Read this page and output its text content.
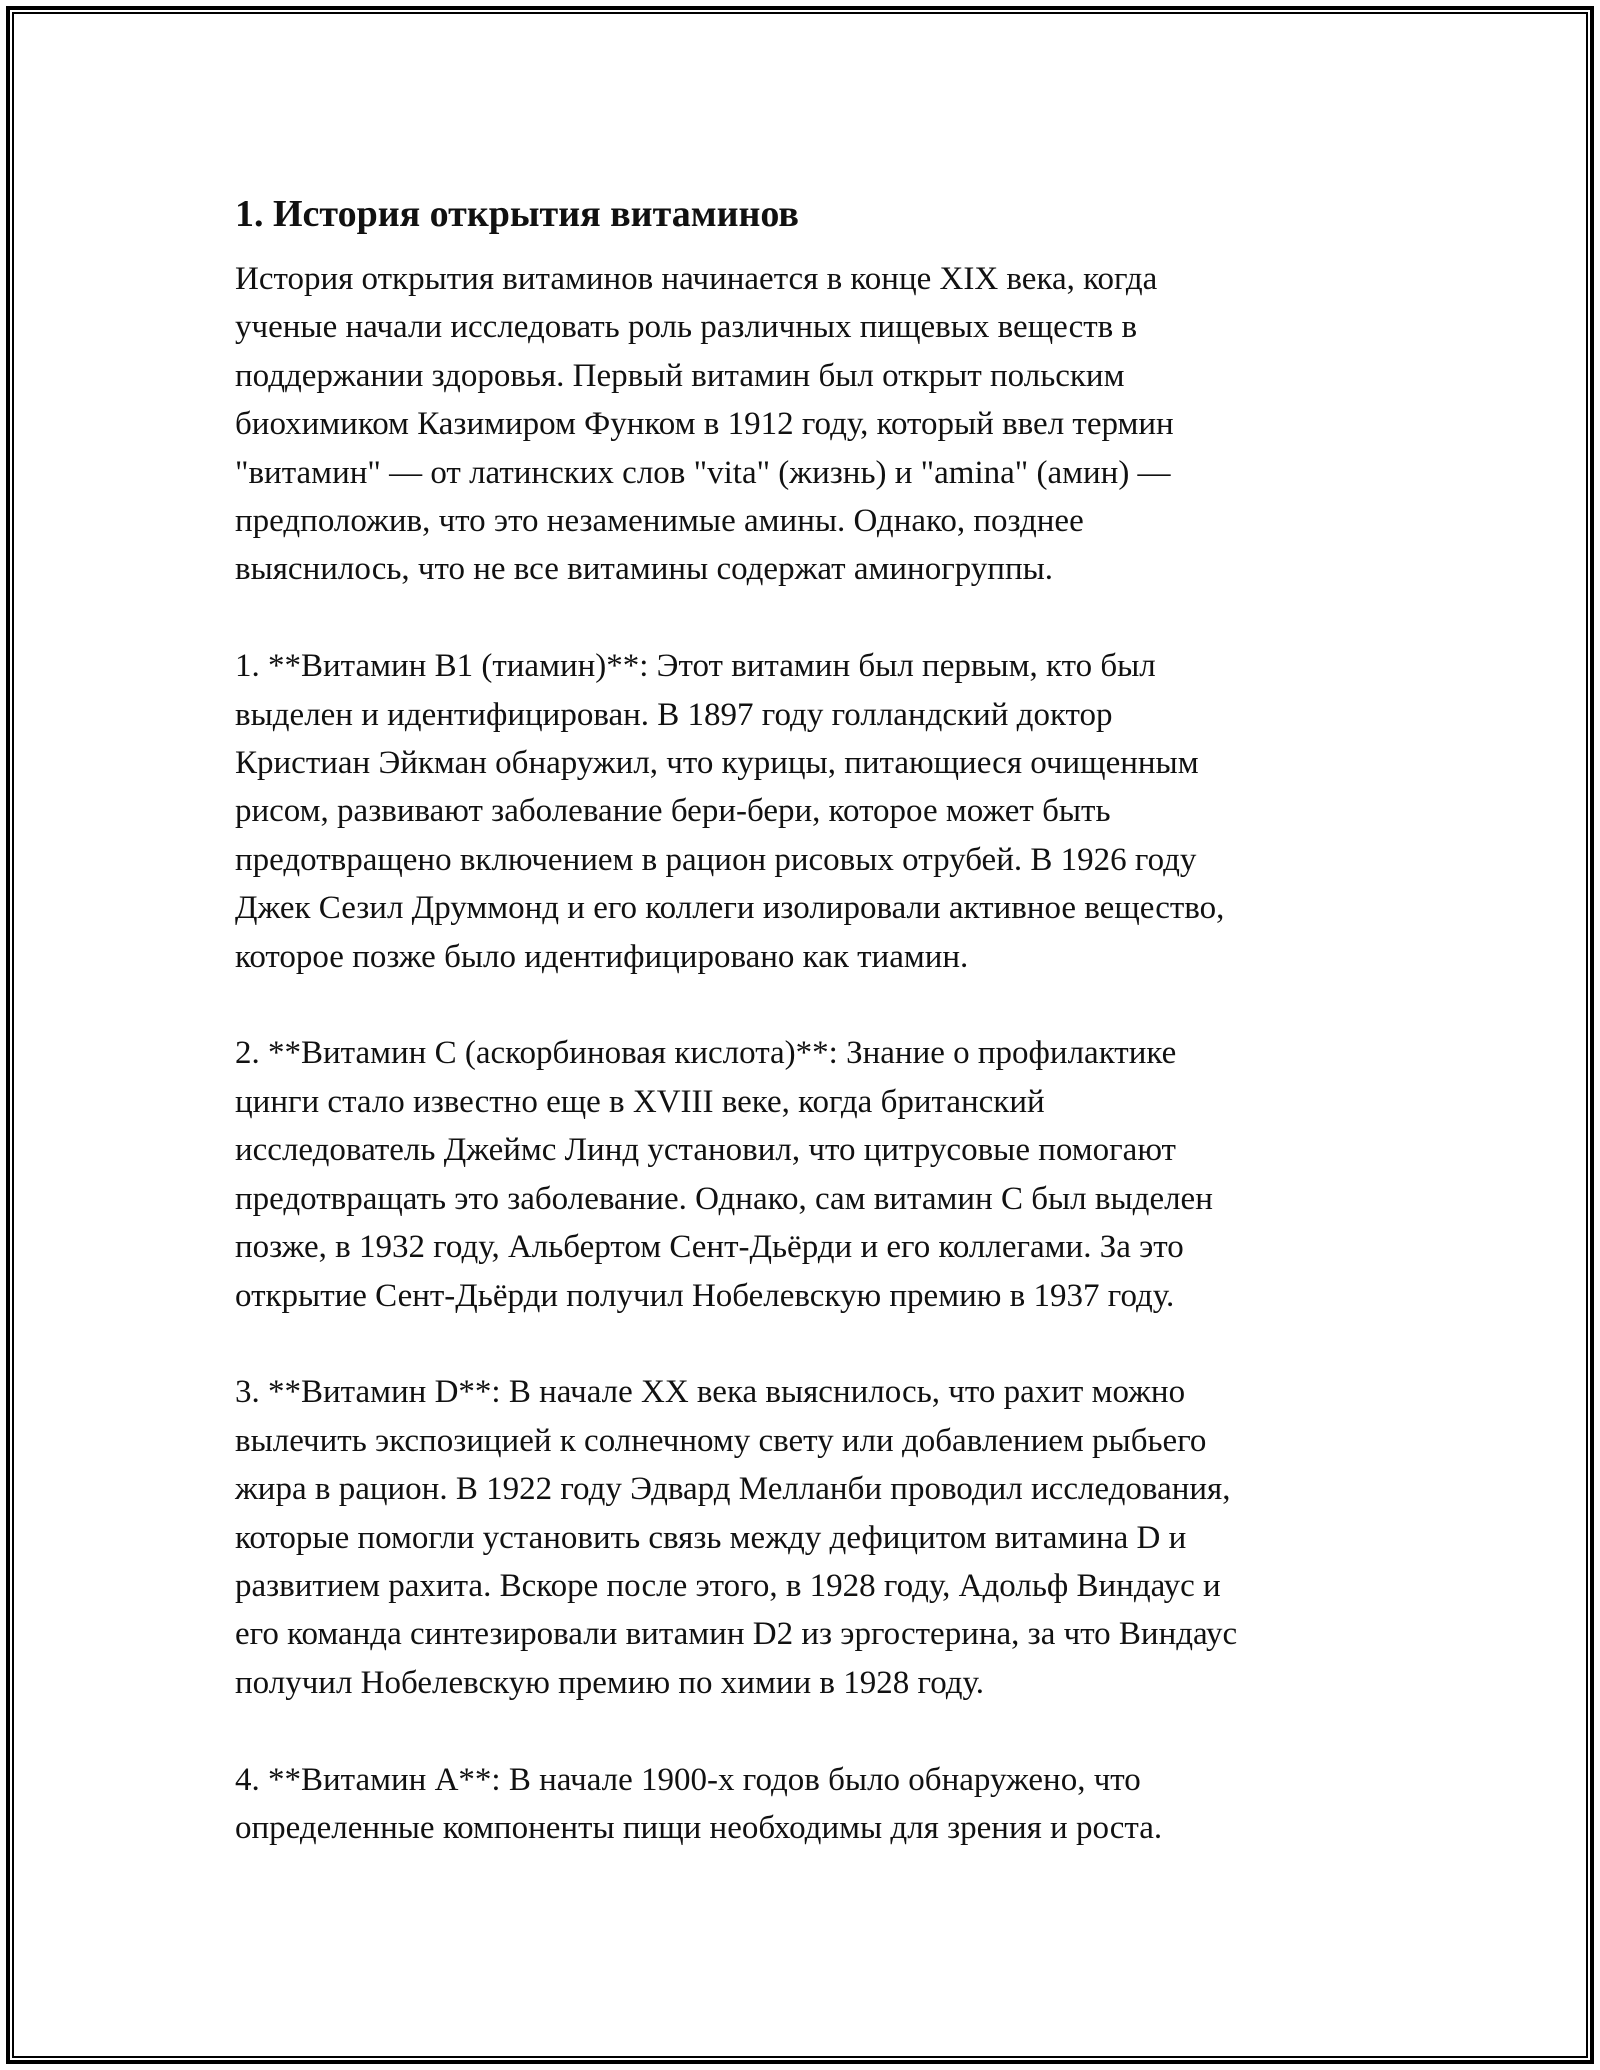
1. История открытия витаминов

История открытия витаминов начинается в конце XIX века, когда
ученые начали исследовать роль различных пищевых веществ в
поддержании здоровья. Первый витамин был открыт польским
биохимиком Казимиром Функом в 1912 году, который ввел термин
"витамин" — от латинских слов "vita" (жизнь) и "amina" (амин) —
предположив, что это незаменимые амины. Однако, позднее
выяснилось, что не все витамины содержат аминогруппы.

1. **Витамин B1 (тиамин)**: Этот витамин был первым, кто был
выделен и идентифицирован. В 1897 году голландский доктор
Кристиан Эйкман обнаружил, что курицы, питающиеся очищенным
рисом, развивают заболевание бери-бери, которое может быть
предотвращено включением в рацион рисовых отрубей. В 1926 году
Джек Сезил Друммонд и его коллеги изолировали активное вещество,
которое позже было идентифицировано как тиамин.

2. **Витамин C (аскорбиновая кислота)**: Знание о профилактике
цинги стало известно еще в XVIII веке, когда британский
исследователь Джеймс Линд установил, что цитрусовые помогают
предотвращать это заболевание. Однако, сам витамин C был выделен
позже, в 1932 году, Альбертом Сент-Дьёрди и его коллегами. За это
открытие Сент-Дьёрди получил Нобелевскую премию в 1937 году.

3. **Витамин D**: В начале XX века выяснилось, что рахит можно
вылечить экспозицией к солнечному свету или добавлением рыбьего
жира в рацион. В 1922 году Эдвард Мелланби проводил исследования,
которые помогли установить связь между дефицитом витамина D и
развитием рахита. Вскоре после этого, в 1928 году, Адольф Виндаус и
его команда синтезировали витамин D2 из эргостерина, за что Виндаус
получил Нобелевскую премию по химии в 1928 году.

4. **Витамин A**: В начале 1900-х годов было обнаружено, что
определенные компоненты пищи необходимы для зрения и роста.
